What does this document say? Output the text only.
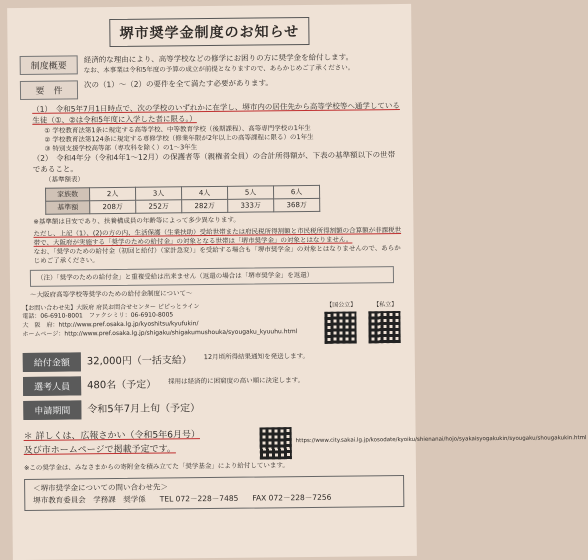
堺市奨学金制度のお知らせ
制度概要
経済的な理由により、高等学校などの修学にお困りの方に奨学金を給付します。
なお、本事業は令和5年度の予算の成立が前提となりますので、あらかじめご了承ください。
要　件
次の（1）～（2）の要件を全て満たす必要があります。
（1）　令和5年7月1日時点で、次の学校のいずれかに在学し、堺市内の居住先から高等学校等へ通学している生徒（①、②は令和5年度に入学した者に限る。）
① 学校教育法第1条に規定する高等学校、中等教育学校（後期課程）、高等専門学校の1年生
② 学校教育法第124条に規定する専修学校（修業年限が2年以上の高等課程に限る）の1年生
③ 特別支援学校高等部（専攻科を除く）の1～3年生
（2）　令和4年分（令和4年1～12月）の保護者等（親権者全員）の合計所得額が、下表の基準額以下の世帯であること。
（基準額表）
家族数	2人	3人	4人	5人	6人
基準額	208万	252万	282万	333万	368万
※基準額は目安であり、扶養構成員の年齢等によって多少異なります。
ただし、上記（1）、(2)の方の内、生活保護（生業扶助）受給世帯または府民税所得割額と市民税所得割額の合算額が非課税世帯で、大阪府が実施する「奨学のための給付金」の対象となる世帯は「堺市奨学金」の対象とはなりません。
なお、「奨学のための給付金（初回と給付）（家計急変）」を受給する場合も「堺市奨学金」の対象とはなりませんので、あらかじめご了承ください。
（注）「奨学のための給付金」と重複受給は出来ません（返還の場合は「堺市奨学金」を返還）
～大阪府高等学校等奨学のための給付金制度について～
【お問い合わせ先】大阪府 府民お問合せセンター ピピっとライン
電話：06-6910-8001　ファクシミリ：06-6910-8005
大　阪　府：http://www.pref.osaka.lg.jp/kyoshitsu/kyufukin/
ホームページ：http://www.pref.osaka.lg.jp/shigaku/shigakumushouka/syougaku_kyuuhu.html
【国公立】	【私立】
給付金額	32,000円（一括支給） 12月頃所得結果通知を発送します。
選考人員	480名（予定） 採用は経済的に困窮度の高い順に決定します。
申請期間	令和5年7月上旬（予定）
＊ 詳しくは、広報さかい（令和5年6月号）
及び市ホームページで掲載予定です。
https://www.city.sakai.lg.jp/kosodate/kyoiku/shienanai/hojo/syakaisyogakukin/syougaku/shougakukin.html
※この奨学金は、みなさまからの寄附金を積み立てた「奨学基金」により給付しています。
＜堺市奨学金についての問い合わせ先＞
堺市教育委員会　学務課　奨学係 TEL 072－228－7485 FAX 072－228－7256
